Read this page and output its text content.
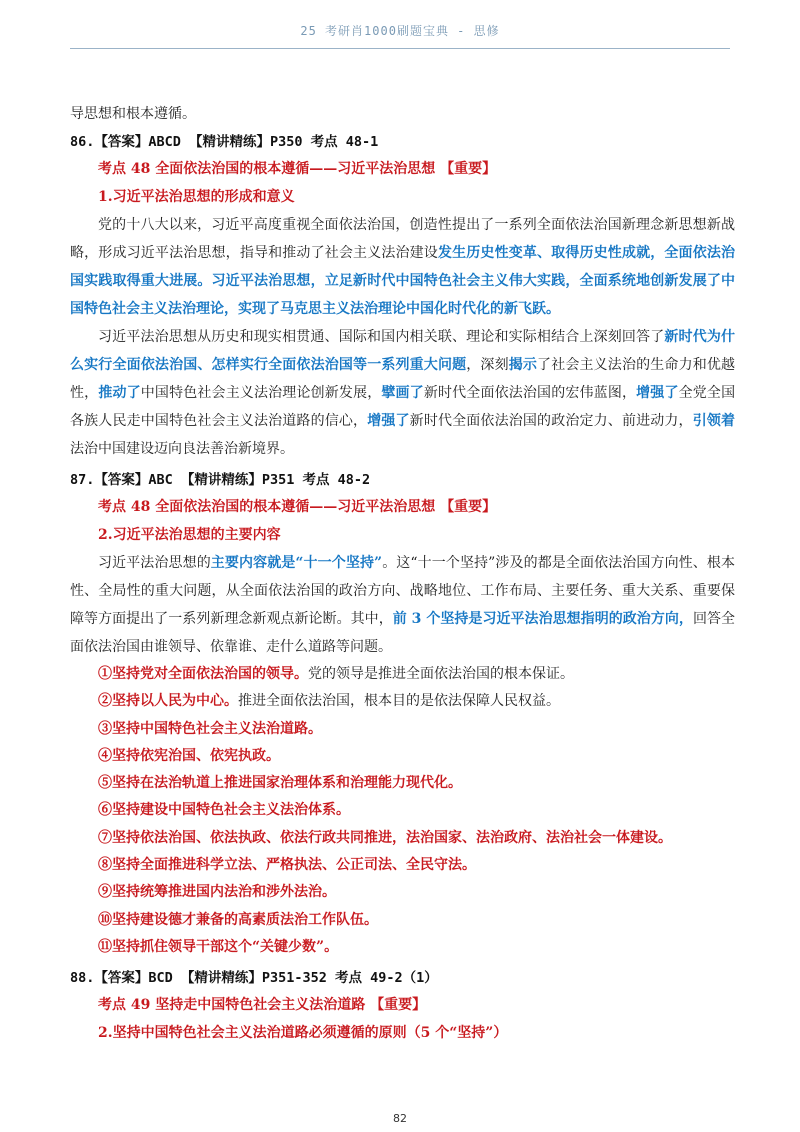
25 考研肖1000刷题宝典 - 思修

导思想和根本遵循。

86.【答案】ABCD 【精讲精练】P350 考点 48-1

考点 48 全面依法治国的根本遵循——习近平法治思想 【重要】

1.习近平法治思想的形成和意义

党的十八大以来，习近平高度重视全面依法治国，创造性提出了一系列全面依法治国新理念新思想新战略，形成习近平法治思想，指导和推动了社会主义法治建设发生历史性变革、取得历史性成就，全面依法治国实践取得重大进展。习近平法治思想，立足新时代中国特色社会主义伟大实践，全面系统地创新发展了中国特色社会主义法治理论，实现了马克思主义法治理论中国化时代化的新飞跃。

习近平法治思想从历史和现实相贯通、国际和国内相关联、理论和实际相结合上深刻回答了新时代为什么实行全面依法治国、怎样实行全面依法治国等一系列重大问题，深刻揭示了社会主义法治的生命力和优越性，推动了中国特色社会主义法治理论创新发展，擘画了新时代全面依法治国的宏伟蓝图，增强了全党全国各族人民走中国特色社会主义法治道路的信心，增强了新时代全面依法治国的政治定力、前进动力，引领着法治中国建设迈向良法善治新境界。

87.【答案】ABC 【精讲精练】P351 考点 48-2

考点 48 全面依法治国的根本遵循——习近平法治思想 【重要】

2.习近平法治思想的主要内容

习近平法治思想的主要内容就是“十一个坚持”。这“十一个坚持”涉及的都是全面依法治国方向性、根本性、全局性的重大问题，从全面依法治国的政治方向、战略地位、工作布局、主要任务、重大关系、重要保障等方面提出了一系列新理念新观点新论断。其中，前 3 个坚持是习近平法治思想指明的政治方向，回答全面依法治国由谁领导、依靠谁、走什么道路等问题。

①坚持党对全面依法治国的领导。党的领导是推进全面依法治国的根本保证。

②坚持以人民为中心。推进全面依法治国，根本目的是依法保障人民权益。

③坚持中国特色社会主义法治道路。

④坚持依宪治国、依宪执政。

⑤坚持在法治轨道上推进国家治理体系和治理能力现代化。

⑥坚持建设中国特色社会主义法治体系。

⑦坚持依法治国、依法执政、依法行政共同推进，法治国家、法治政府、法治社会一体建设。

⑧坚持全面推进科学立法、严格执法、公正司法、全民守法。

⑨坚持统筹推进国内法治和涉外法治。

⑩坚持建设德才兼备的高素质法治工作队伍。

⑪坚持抓住领导干部这个“关键少数”。

88.【答案】BCD 【精讲精练】P351-352 考点 49-2（1）

考点 49 坚持走中国特色社会主义法治道路 【重要】

2.坚持中国特色社会主义法治道路必须遵循的原则（5 个“坚持”）

82
